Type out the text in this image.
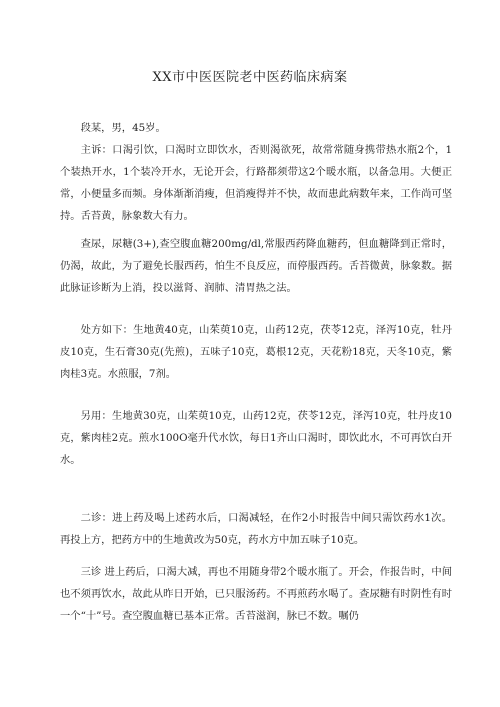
XX市中医医院老中医药临床病案

段某，男，45岁。

主诉：口渴引饮，口渴时立即饮水，否则渴欲死，故常常随身携带热水瓶2个，1个装热开水，1个装冷开水，无论开会，行路都须带这2个暖水瓶，以备急用。大便正常，小便量多而频。身体渐渐消瘦，但消瘦得并不快，故而患此病数年来，工作尚可坚持。舌苔黄，脉象数大有力。

查尿，尿糖(3+),查空腹血糖200mg/dl,常服西药降血糖药，但血糖降到正常时，仍渴，故此，为了避免长服西药，怕生不良反应，而停服西药。舌苔微黄，脉象数。据此脉证诊断为上消，投以滋肾、润肺、清胃热之法。

处方如下：生地黄40克，山茱萸10克，山药12克，茯苓12克，泽泻10克，牡丹皮10克，生石膏30克(先煎)，五味子10克，葛根12克，天花粉18克，天冬10克，紫肉桂3克。水煎服，7剂。

另用：生地黄30克，山茱萸10克，山药12克，茯苓12克，泽泻10克，牡丹皮10克，紫肉桂2克。煎水100О毫升代水饮，每日1齐山口渴时，即饮此水，不可再饮白开水。

二诊：进上药及喝上述药水后，口渴减轻，在作2小时报告中间只需饮药水1次。再投上方，把药方中的生地黄改为50克，药水方中加五味子10克。

三诊 进上药后，口渴大减，再也不用随身带2个暖水瓶了。开会，作报告时，中间也不须再饮水，故此从昨日开始，已只服汤药。不再煎药水喝了。查尿糖有时阴性有时一个“十”号。查空腹血糖已基本正常。舌苔滋润，脉已不数。嘱仍
